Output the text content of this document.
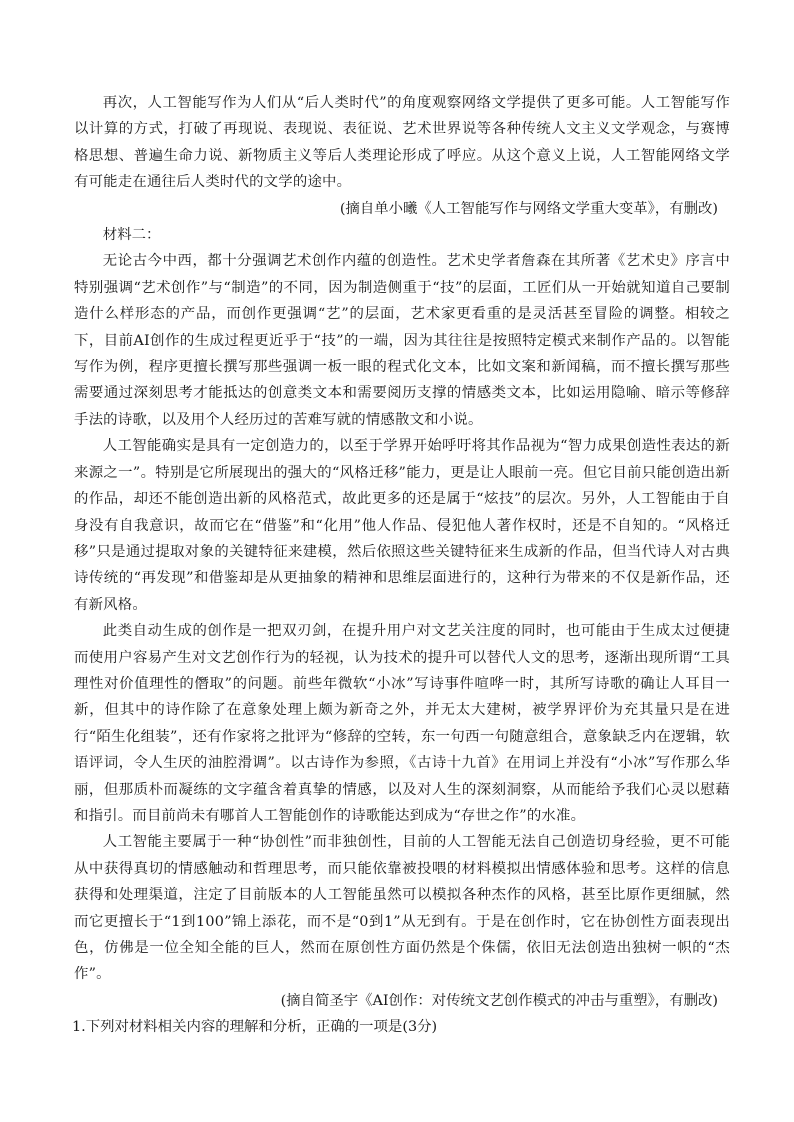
再次，人工智能写作为人们从“后人类时代”的角度观察网络文学提供了更多可能。人工智能写作以计算的方式，打破了再现说、表现说、表征说、艺术世界说等各种传统人文主义文学观念，与赛博格思想、普遍生命力说、新物质主义等后人类理论形成了呼应。从这个意义上说，人工智能网络文学有可能走在通往后人类时代的文学的途中。

(摘自单小曦《人工智能写作与网络文学重大变革》，有删改)

材料二：

无论古今中西，都十分强调艺术创作内蕴的创造性。艺术史学者詹森在其所著《艺术史》序言中特别强调“艺术创作”与“制造”的不同，因为制造侧重于“技”的层面，工匠们从一开始就知道自己要制造什么样形态的产品，而创作更强调“艺”的层面，艺术家更看重的是灵活甚至冒险的调整。相较之下，目前AI创作的生成过程更近乎于“技”的一端，因为其往往是按照特定模式来制作产品的。以智能写作为例，程序更擅长撰写那些强调一板一眼的程式化文本，比如文案和新闻稿，而不擅长撰写那些需要通过深刻思考才能抵达的创意类文本和需要阅历支撑的情感类文本，比如运用隐喻、暗示等修辞手法的诗歌，以及用个人经历过的苦难写就的情感散文和小说。

人工智能确实是具有一定创造力的，以至于学界开始呼吁将其作品视为“智力成果创造性表达的新来源之一”。特别是它所展现出的强大的“风格迁移”能力，更是让人眼前一亮。但它目前只能创造出新的作品，却还不能创造出新的风格范式，故此更多的还是属于“炫技”的层次。另外，人工智能由于自身没有自我意识，故而它在“借鉴”和“化用”他人作品、侵犯他人著作权时，还是不自知的。“风格迁移”只是通过提取对象的关键特征来建模，然后依照这些关键特征来生成新的作品，但当代诗人对古典诗传统的“再发现”和借鉴却是从更抽象的精神和思维层面进行的，这种行为带来的不仅是新作品，还有新风格。

此类自动生成的创作是一把双刃剑，在提升用户对文艺关注度的同时，也可能由于生成太过便捷而使用户容易产生对文艺创作行为的轻视，认为技术的提升可以替代人文的思考，逐渐出现所谓“工具理性对价值理性的僭取”的问题。前些年微软“小冰”写诗事件喧哗一时，其所写诗歌的确让人耳目一新，但其中的诗作除了在意象处理上颇为新奇之外，并无太大建树，被学界评价为充其量只是在进行“陌生化组装”，还有作家将之批评为“修辞的空转，东一句西一句随意组合，意象缺乏内在逻辑，软语评词，令人生厌的油腔滑调”。以古诗作为参照，《古诗十九首》在用词上并没有“小冰”写作那么华丽，但那质朴而凝练的文字蕴含着真挚的情感，以及对人生的深刻洞察，从而能给予我们心灵以慰藉和指引。而目前尚未有哪首人工智能创作的诗歌能达到成为“存世之作”的水准。

人工智能主要属于一种“协创性”而非独创性，目前的人工智能无法自己创造切身经验，更不可能从中获得真切的情感触动和哲理思考，而只能依靠被投喂的材料模拟出情感体验和思考。这样的信息获得和处理渠道，注定了目前版本的人工智能虽然可以模拟各种杰作的风格，甚至比原作更细腻，然而它更擅长于“1到100”锦上添花，而不是“0到1”从无到有。于是在创作时，它在协创性方面表现出色，仿佛是一位全知全能的巨人，然而在原创性方面仍然是个侏儒，依旧无法创造出独树一帜的“杰作”。

(摘自简圣宇《AI创作：对传统文艺创作模式的冲击与重塑》，有删改)

1.下列对材料相关内容的理解和分析，正确的一项是(3分)
